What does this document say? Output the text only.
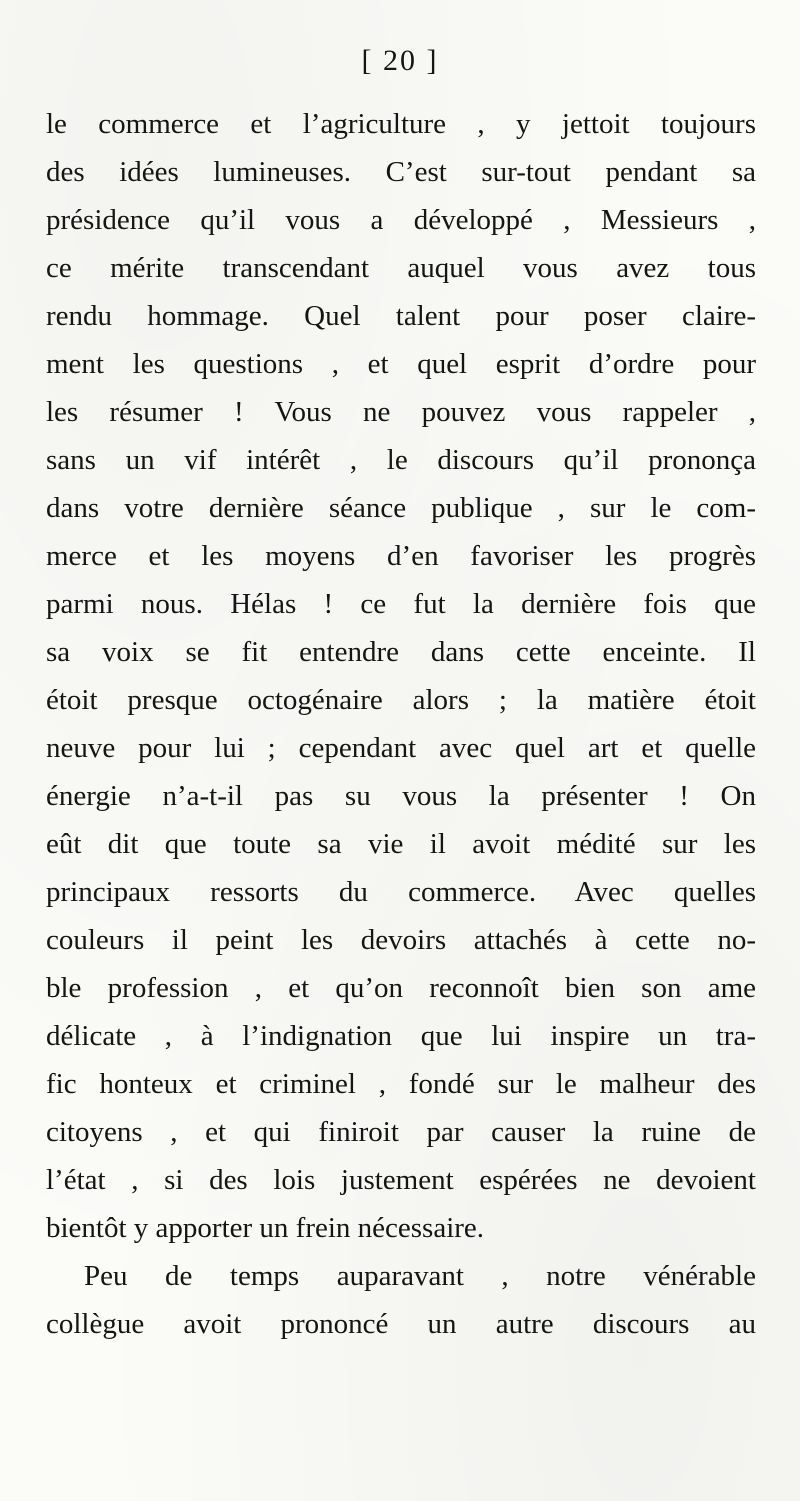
[ 20 ]
le commerce et l’agriculture , y jettoit toujours
des idées lumineuses. C’est sur-tout pendant sa
présidence qu’il vous a développé , Messieurs ,
ce mérite transcendant auquel vous avez tous
rendu hommage. Quel talent pour poser claire-
ment les questions , et quel esprit d’ordre pour
les résumer ! Vous ne pouvez vous rappeler ,
sans un vif intérêt , le discours qu’il prononça
dans votre dernière séance publique , sur le com-
merce et les moyens d’en favoriser les progrès
parmi nous. Hélas ! ce fut la dernière fois que
sa voix se fit entendre dans cette enceinte. Il
étoit presque octogénaire alors ; la matière étoit
neuve pour lui ; cependant avec quel art et quelle
énergie n’a-t-il pas su vous la présenter ! On
eût dit que toute sa vie il avoit médité sur les
principaux ressorts du commerce. Avec quelles
couleurs il peint les devoirs attachés à cette no-
ble profession , et qu’on reconnoît bien son ame
délicate , à l’indignation que lui inspire un tra-
fic honteux et criminel , fondé sur le malheur des
citoyens , et qui finiroit par causer la ruine de
l’état , si des lois justement espérées ne devoient
bientôt y apporter un frein nécessaire.
Peu de temps auparavant , notre vénérable
collègue avoit prononcé un autre discours au
